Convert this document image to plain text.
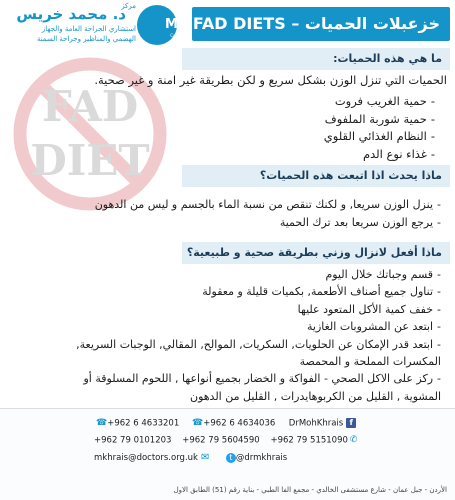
مركز
د. محمد خريس
استشاري الجراحة العامة والجهاز
الهضمي والمناظير وجراحة السمنة
Dr
MK
Center
خزعبلات الحميات – FAD DIETS
FAD
DIET
ما هي هذه الحميات:
الحميات التي تنزل الوزن بشكل سريع و لكن بطريقة غير امنة و غير صحية.
-حمية الغريب فروت
-حمية شوربة الملفوف
-النظام الغذائي القلوي
-غذاء نوع الدم
ماذا يحدث اذا اتبعت هذه الحميات؟
-ينزل الوزن سريعا, و لكنك تنقص من نسبة الماء بالجسم و ليس من الدهون
-يرجع الوزن سريعا بعد ترك الحمية
ماذا أفعل لانزال وزني بطريقة صحية و طبيعية؟
-قسم وجباتك خلال اليوم
-تناول جميع أصناف الأطعمة, بكميات قليلة و معقولة
-خفف كمية الأكل المتعود عليها
-ابتعد عن المشروبات الغازية
-ابتعد قدر الإمكان عن الحلويات, السكريات, الموالح, المقالي, الوجبات السريعة,
المكسرات المملحة و المحمصة
-ركز على الاكل الصحي - الفواكة و الخضار بجميع أنواعها , اللحوم المسلوقة أو
المشوية , القليل من الكربوهايدرات , القليل من الدهون
☎+962 6 4633201 ☎+962 6 4634036 DrMohKhrais f
+962 79 0101203 +962 79 5604590 +962 79 5151090 ✆
mkhrais@doctors.org.uk ✉ t @drmkhrais
الأردن - جبل عمان - شارع مستشفى الخالدي - مجمع الفا الطبي - بناية رقم (51) الطابق الاول
